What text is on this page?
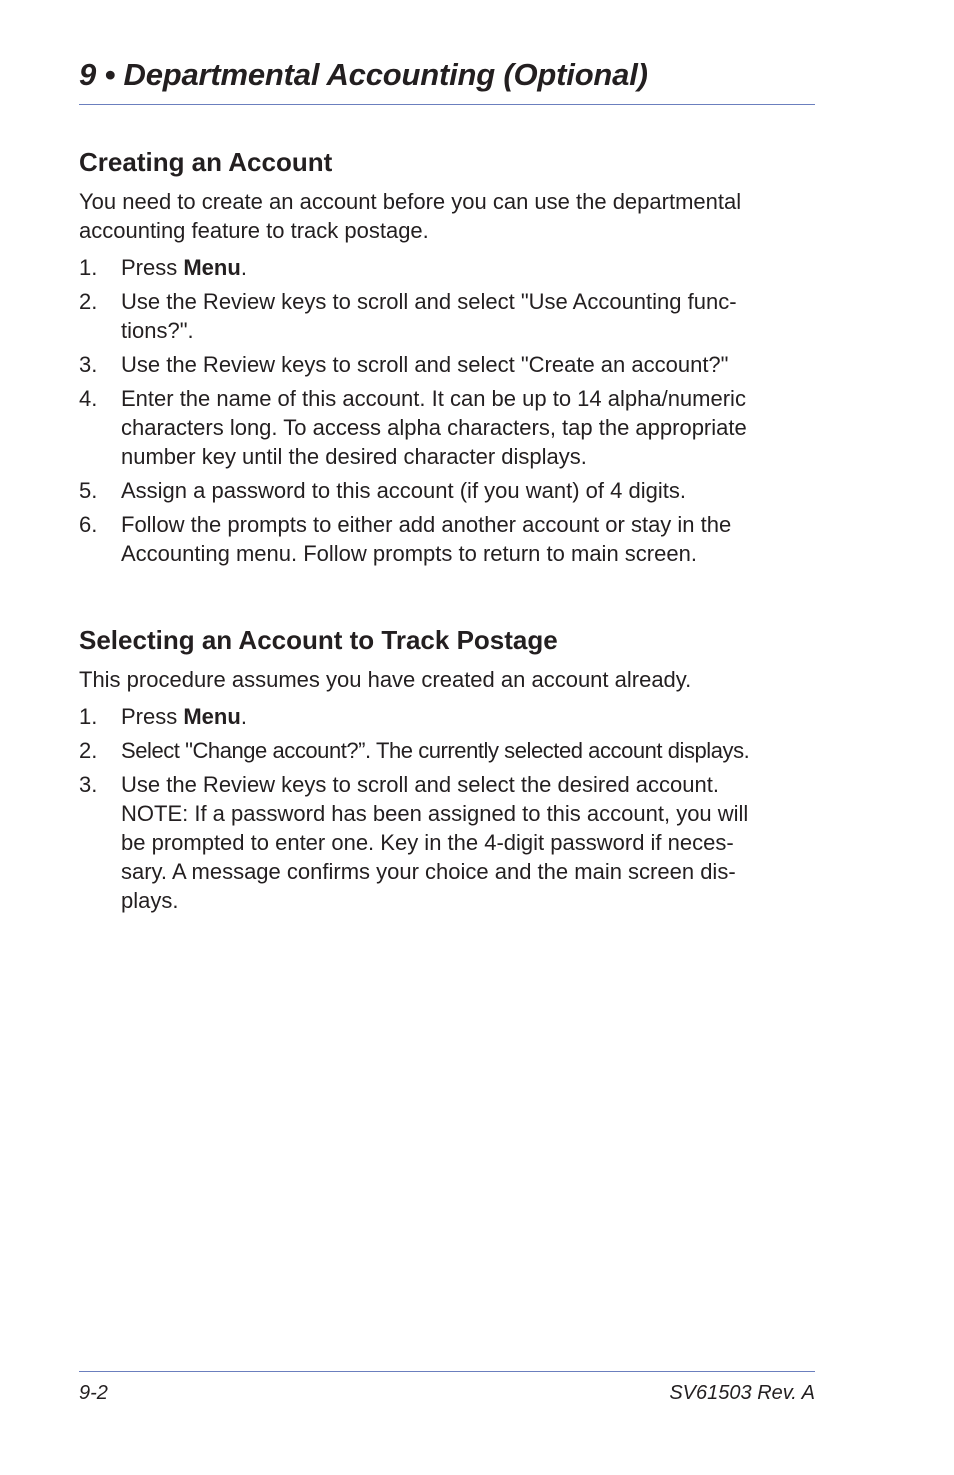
9 • Departmental Accounting (Optional)
Creating an Account

You need to create an account before you can use the departmental
accounting feature to track postage.

1. Press Menu.
2. Use the Review keys to scroll and select "Use Accounting func-
tions?".
3. Use the Review keys to scroll and select "Create an account?"
4. Enter the name of this account. It can be up to 14 alpha/numeric
characters long. To access alpha characters, tap the appropriate
number key until the desired character displays.
5. Assign a password to this account (if you want) of 4 digits.
6. Follow the prompts to either add another account or stay in the
Accounting menu. Follow prompts to return to main screen.
Selecting an Account to Track Postage

This procedure assumes you have created an account already.

1. Press Menu.
2. Select "Change account?”. The currently selected account displays.
3. Use the Review keys to scroll and select the desired account.
NOTE: If a password has been assigned to this account, you will
be prompted to enter one. Key in the 4-digit password if neces-
sary. A message confirms your choice and the main screen dis-
plays.
9-2	SV61503 Rev. A
